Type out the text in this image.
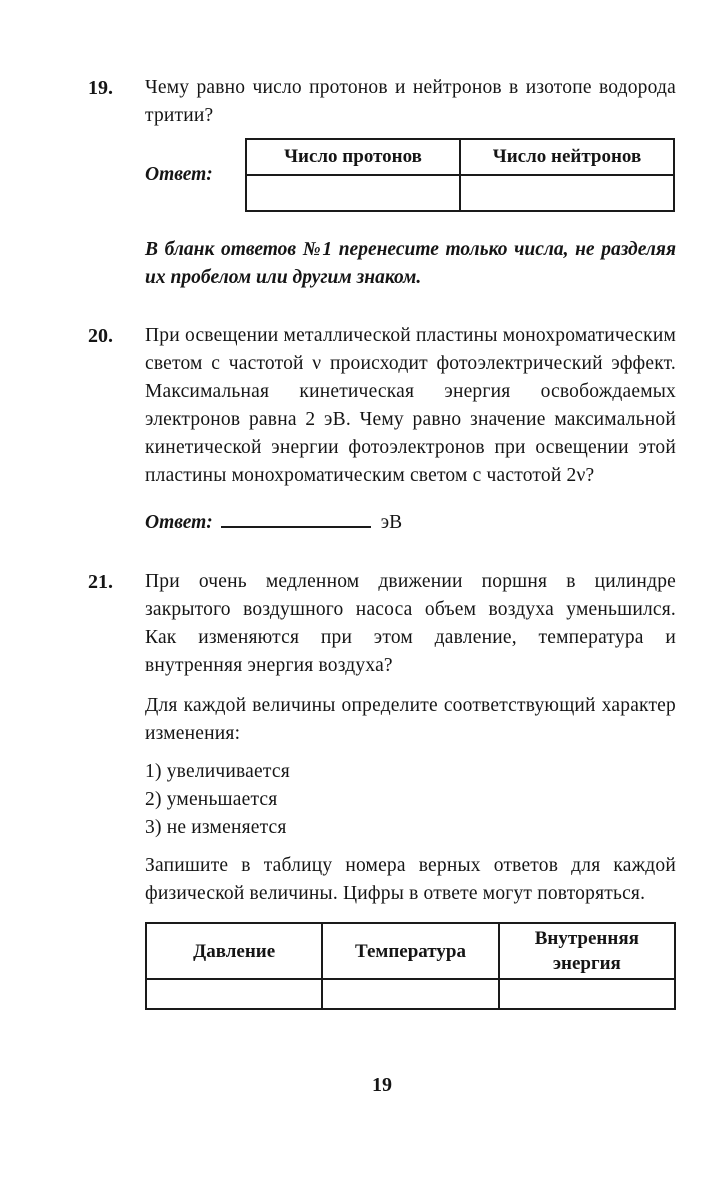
19.	Чему равно число протонов и нейтронов в изотопе водорода тритии?

Ответ:
Число протонов	Число нейтронов

В бланк ответов №1 перенесите только числа, не разделяя их пробелом или другим знаком.

20.	При освещении металлической пластины монохроматическим светом с частотой ν происходит фотоэлектрический эффект. Максимальная кинетическая энергия освобождаемых электронов равна 2 эВ. Чему равно значение максимальной кинетической энергии фотоэлектронов при освещении этой пластины монохроматическим светом с частотой 2ν?

Ответ:	эВ
21.	При очень медленном движении поршня в цилиндре закрытого воздушного насоса объем воздуха уменьшился. Как изменяются при этом давление, температура и внутренняя энергия воздуха?

Для каждой величины определите соответствующий характер изменения:

1) увеличивается
2) уменьшается
3) не изменяется

Запишите в таблицу номера верных ответов для каждой физической величины. Цифры в ответе могут повторяться.

Давление	Температура	Внутренняя энергия

19
